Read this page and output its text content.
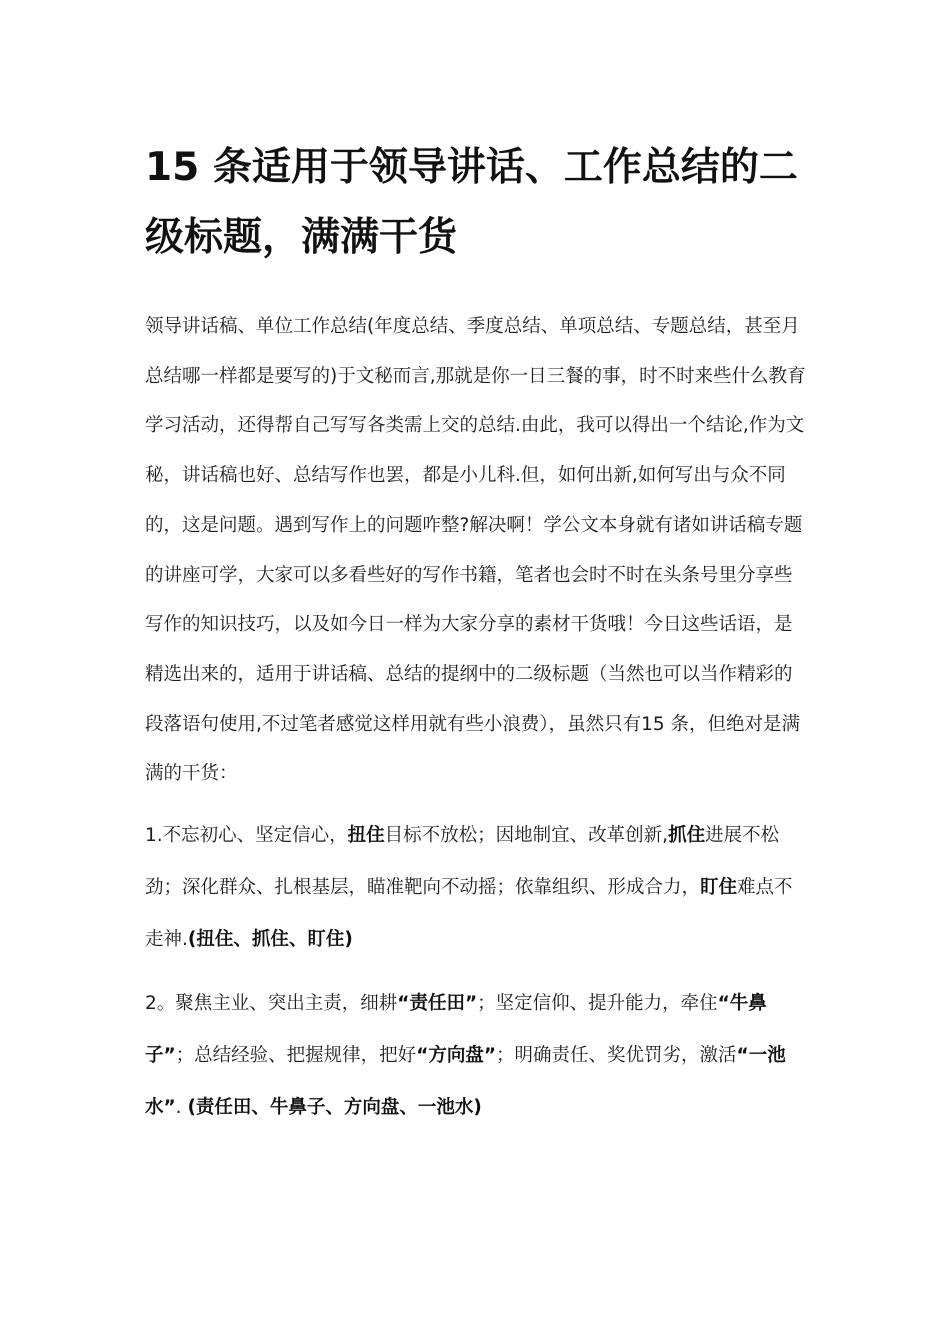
15 条适用于领导讲话、工作总结的二级标题，满满干货

领导讲话稿、单位工作总结(年度总结、季度总结、单项总结、专题总结，甚至月总结哪一样都是要写的)于文秘而言,那就是你一日三餐的事，时不时来些什么教育学习活动，还得帮自己写写各类需上交的总结.由此，我可以得出一个结论,作为文秘，讲话稿也好、总结写作也罢，都是小儿科.但，如何出新,如何写出与众不同的，这是问题。遇到写作上的问题咋整?解决啊！学公文本身就有诸如讲话稿专题的讲座可学，大家可以多看些好的写作书籍，笔者也会时不时在头条号里分享些写作的知识技巧，以及如今日一样为大家分享的素材干货哦！今日这些话语，是精选出来的，适用于讲话稿、总结的提纲中的二级标题（当然也可以当作精彩的段落语句使用,不过笔者感觉这样用就有些小浪费），虽然只有15 条，但绝对是满满的干货：

1.不忘初心、坚定信心，扭住目标不放松；因地制宜、改革创新,抓住进展不松劲；深化群众、扎根基层，瞄准靶向不动摇；依靠组织、形成合力，盯住难点不走神.(扭住、抓住、盯住)

2。聚焦主业、突出主责，细耕“责任田”；坚定信仰、提升能力，牵住“牛鼻子”；总结经验、把握规律，把好“方向盘”；明确责任、奖优罚劣，激活“一池水”. (责任田、牛鼻子、方向盘、一池水)
